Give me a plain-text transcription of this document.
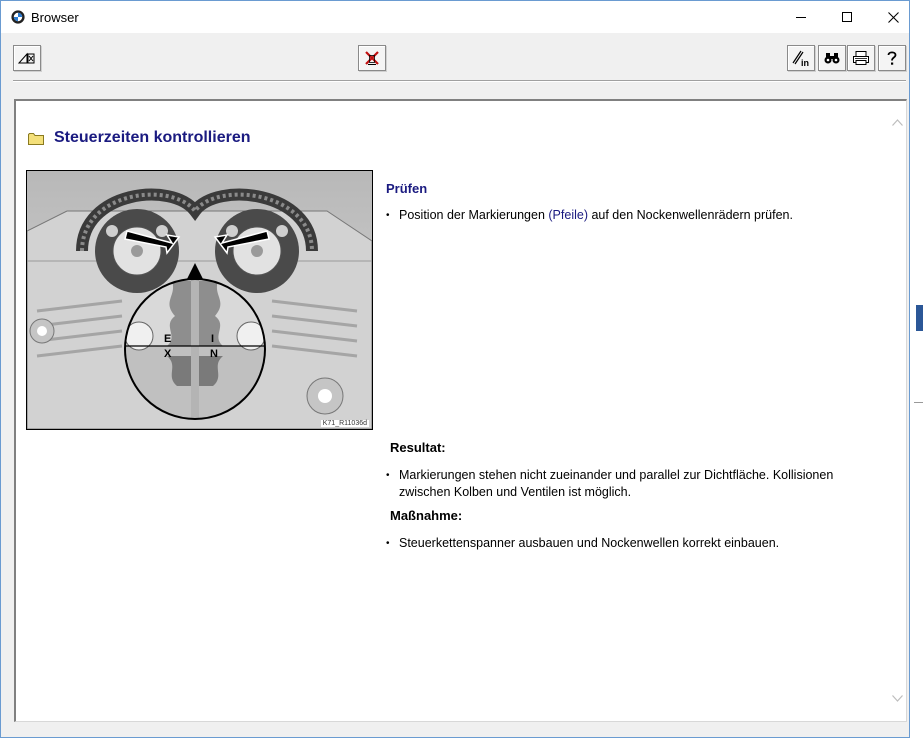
Browser
in
Steuerzeiten kontrollieren
E
X
I
N
K71_R11036d
Prüfen
• Position der Markierungen (Pfeile) auf den Nockenwellenrädern prüfen.
Resultat:
• Markierungen stehen nicht zueinander und parallel zur Dichtfläche. Kollisionen zwischen Kolben und Ventilen ist möglich.
Maßnahme:
• Steuerkettenspanner ausbauen und Nockenwellen korrekt einbauen.
